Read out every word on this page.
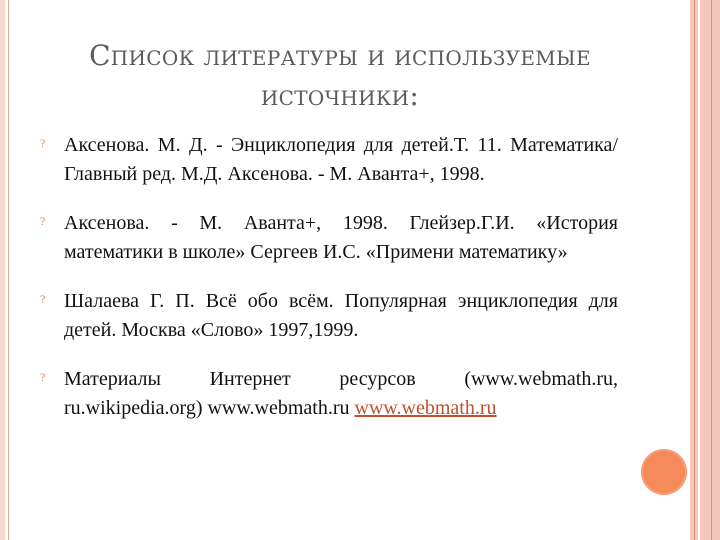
Список литературы и используемые
источники:
? Аксенова. М. Д. - Энциклопедия для детей.Т. 11. Математика/ Главный ред. М.Д. Аксенова. - М. Аванта+, 1998.
? Аксенова. - М. Аванта+, 1998. Глейзер.Г.И. «История математики в школе» Сергеев И.С. «Примени математику»
? Шалаева Г. П. Всё обо всём. Популярная энциклопедия для детей. Москва «Слово» 1997,1999.
? Материалы Интернет ресурсов (www.webmath.ru, ru.wikipedia.org) www.webmath.ru www.webmath.ru
